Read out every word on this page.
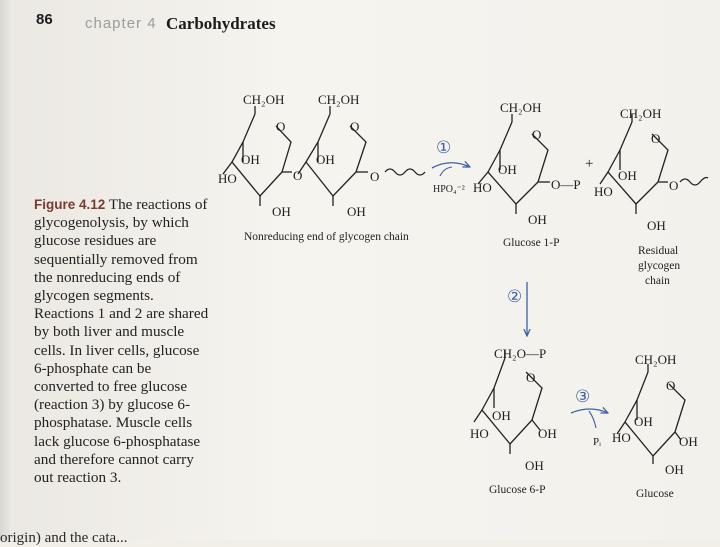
86 chapter 4 Carbohydrates
Figure 4.12 The reactions of glycogenolysis, by which glucose residues are sequentially removed from the nonreducing ends of glycogen segments. Reactions 1 and 2 are shared by both liver and muscle cells. In liver cells, glucose 6-phosphate can be converted to free glucose (reaction 3) by glucose 6-phosphatase. Muscle cells lack glucose 6-phosphatase and therefore cannot carry out reaction 3.
CH₂OH	CH₂OH
O	O
OH	OH
HO	O	O
OH	OH
Nonreducing end of glycogen chain
①
HPO₄⁻²
CH₂OH
O
OH
HO	O—P
OH
Glucose 1-P
+
CH₂OH
O
OH
HO	O
OH
Residual
glycogen
chain
②
CH₂O—P
O
OH
HO	OH
OH
Glucose 6-P
③
Pᵢ
CH₂OH
O
OH
HO	OH
OH
Glucose
origin) and the cata...
